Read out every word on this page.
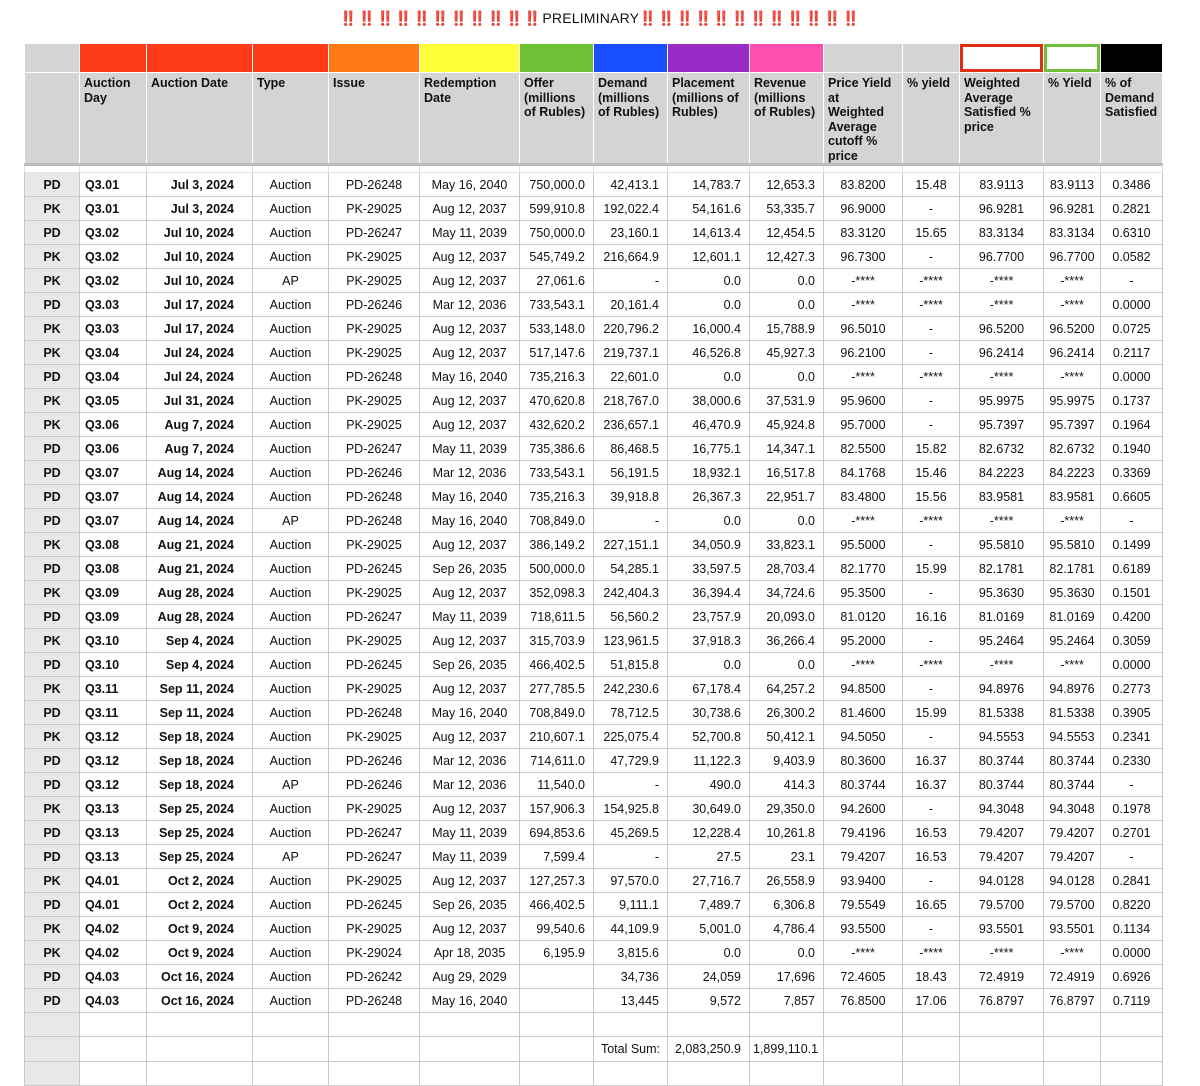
‼️‼️‼️‼️‼️‼️‼️‼️‼️‼️‼️PRELIMINARY‼️‼️‼️‼️‼️‼️‼️‼️‼️‼️‼️‼️

	Auction Day	Auction Date	Type	Issue	Redemption Date	Offer (millions of Rubles)	Demand (millions of Rubles)	Placement (millions of Rubles)	Revenue (millions of Rubles)	Price Yield at Weighted Average cutoff % price	% yield	Weighted Average Satisfied % price	% Yield	% of Demand Satisfied

PD	Q3.01	Jul 3, 2024	Auction	PD-26248	May 16, 2040	750,000.0	42,413.1	14,783.7	12,653.3	83.8200	15.48	83.9113	83.9113	0.3486
PK	Q3.01	Jul 3, 2024	Auction	PK-29025	Aug 12, 2037	599,910.8	192,022.4	54,161.6	53,335.7	96.9000	-	96.9281	96.9281	0.2821
PD	Q3.02	Jul 10, 2024	Auction	PD-26247	May 11, 2039	750,000.0	23,160.1	14,613.4	12,454.5	83.3120	15.65	83.3134	83.3134	0.6310
PK	Q3.02	Jul 10, 2024	Auction	PK-29025	Aug 12, 2037	545,749.2	216,664.9	12,601.1	12,427.3	96.7300	-	96.7700	96.7700	0.0582
PK	Q3.02	Jul 10, 2024	AP	PK-29025	Aug 12, 2037	27,061.6	-	0.0	0.0	-****	-****	-****	-****	-
PD	Q3.03	Jul 17, 2024	Auction	PD-26246	Mar 12, 2036	733,543.1	20,161.4	0.0	0.0	-****	-****	-****	-****	0.0000
PK	Q3.03	Jul 17, 2024	Auction	PK-29025	Aug 12, 2037	533,148.0	220,796.2	16,000.4	15,788.9	96.5010	-	96.5200	96.5200	0.0725
PK	Q3.04	Jul 24, 2024	Auction	PK-29025	Aug 12, 2037	517,147.6	219,737.1	46,526.8	45,927.3	96.2100	-	96.2414	96.2414	0.2117
PD	Q3.04	Jul 24, 2024	Auction	PD-26248	May 16, 2040	735,216.3	22,601.0	0.0	0.0	-****	-****	-****	-****	0.0000
PK	Q3.05	Jul 31, 2024	Auction	PK-29025	Aug 12, 2037	470,620.8	218,767.0	38,000.6	37,531.9	95.9600	-	95.9975	95.9975	0.1737
PK	Q3.06	Aug 7, 2024	Auction	PK-29025	Aug 12, 2037	432,620.2	236,657.1	46,470.9	45,924.8	95.7000	-	95.7397	95.7397	0.1964
PD	Q3.06	Aug 7, 2024	Auction	PD-26247	May 11, 2039	735,386.6	86,468.5	16,775.1	14,347.1	82.5500	15.82	82.6732	82.6732	0.1940
PD	Q3.07	Aug 14, 2024	Auction	PD-26246	Mar 12, 2036	733,543.1	56,191.5	18,932.1	16,517.8	84.1768	15.46	84.2223	84.2223	0.3369
PD	Q3.07	Aug 14, 2024	Auction	PD-26248	May 16, 2040	735,216.3	39,918.8	26,367.3	22,951.7	83.4800	15.56	83.9581	83.9581	0.6605
PD	Q3.07	Aug 14, 2024	AP	PD-26248	May 16, 2040	708,849.0	-	0.0	0.0	-****	-****	-****	-****	-
PK	Q3.08	Aug 21, 2024	Auction	PK-29025	Aug 12, 2037	386,149.2	227,151.1	34,050.9	33,823.1	95.5000	-	95.5810	95.5810	0.1499
PD	Q3.08	Aug 21, 2024	Auction	PD-26245	Sep 26, 2035	500,000.0	54,285.1	33,597.5	28,703.4	82.1770	15.99	82.1781	82.1781	0.6189
PK	Q3.09	Aug 28, 2024	Auction	PK-29025	Aug 12, 2037	352,098.3	242,404.3	36,394.4	34,724.6	95.3500	-	95.3630	95.3630	0.1501
PD	Q3.09	Aug 28, 2024	Auction	PD-26247	May 11, 2039	718,611.5	56,560.2	23,757.9	20,093.0	81.0120	16.16	81.0169	81.0169	0.4200
PK	Q3.10	Sep 4, 2024	Auction	PK-29025	Aug 12, 2037	315,703.9	123,961.5	37,918.3	36,266.4	95.2000	-	95.2464	95.2464	0.3059
PD	Q3.10	Sep 4, 2024	Auction	PD-26245	Sep 26, 2035	466,402.5	51,815.8	0.0	0.0	-****	-****	-****	-****	0.0000
PK	Q3.11	Sep 11, 2024	Auction	PK-29025	Aug 12, 2037	277,785.5	242,230.6	67,178.4	64,257.2	94.8500	-	94.8976	94.8976	0.2773
PD	Q3.11	Sep 11, 2024	Auction	PD-26248	May 16, 2040	708,849.0	78,712.5	30,738.6	26,300.2	81.4600	15.99	81.5338	81.5338	0.3905
PK	Q3.12	Sep 18, 2024	Auction	PK-29025	Aug 12, 2037	210,607.1	225,075.4	52,700.8	50,412.1	94.5050	-	94.5553	94.5553	0.2341
PD	Q3.12	Sep 18, 2024	Auction	PD-26246	Mar 12, 2036	714,611.0	47,729.9	11,122.3	9,403.9	80.3600	16.37	80.3744	80.3744	0.2330
PD	Q3.12	Sep 18, 2024	AP	PD-26246	Mar 12, 2036	11,540.0	-	490.0	414.3	80.3744	16.37	80.3744	80.3744	-
PK	Q3.13	Sep 25, 2024	Auction	PK-29025	Aug 12, 2037	157,906.3	154,925.8	30,649.0	29,350.0	94.2600	-	94.3048	94.3048	0.1978
PD	Q3.13	Sep 25, 2024	Auction	PD-26247	May 11, 2039	694,853.6	45,269.5	12,228.4	10,261.8	79.4196	16.53	79.4207	79.4207	0.2701
PD	Q3.13	Sep 25, 2024	AP	PD-26247	May 11, 2039	7,599.4	-	27.5	23.1	79.4207	16.53	79.4207	79.4207	-
PK	Q4.01	Oct 2, 2024	Auction	PK-29025	Aug 12, 2037	127,257.3	97,570.0	27,716.7	26,558.9	93.9400	-	94.0128	94.0128	0.2841
PD	Q4.01	Oct 2, 2024	Auction	PD-26245	Sep 26, 2035	466,402.5	9,111.1	7,489.7	6,306.8	79.5549	16.65	79.5700	79.5700	0.8220
PK	Q4.02	Oct 9, 2024	Auction	PK-29025	Aug 12, 2037	99,540.6	44,109.9	5,001.0	4,786.4	93.5500	-	93.5501	93.5501	0.1134
PK	Q4.02	Oct 9, 2024	Auction	PK-29024	Apr 18, 2035	6,195.9	3,815.6	0.0	0.0	-****	-****	-****	-****	0.0000
PD	Q4.03	Oct 16, 2024	Auction	PD-26242	Aug 29, 2029		34,736	24,059	17,696	72.4605	18.43	72.4919	72.4919	0.6926
PD	Q4.03	Oct 16, 2024	Auction	PD-26248	May 16, 2040		13,445	9,572	7,857	76.8500	17.06	76.8797	76.8797	0.7119

							Total Sum:	2,083,250.9	1,899,110.1					
